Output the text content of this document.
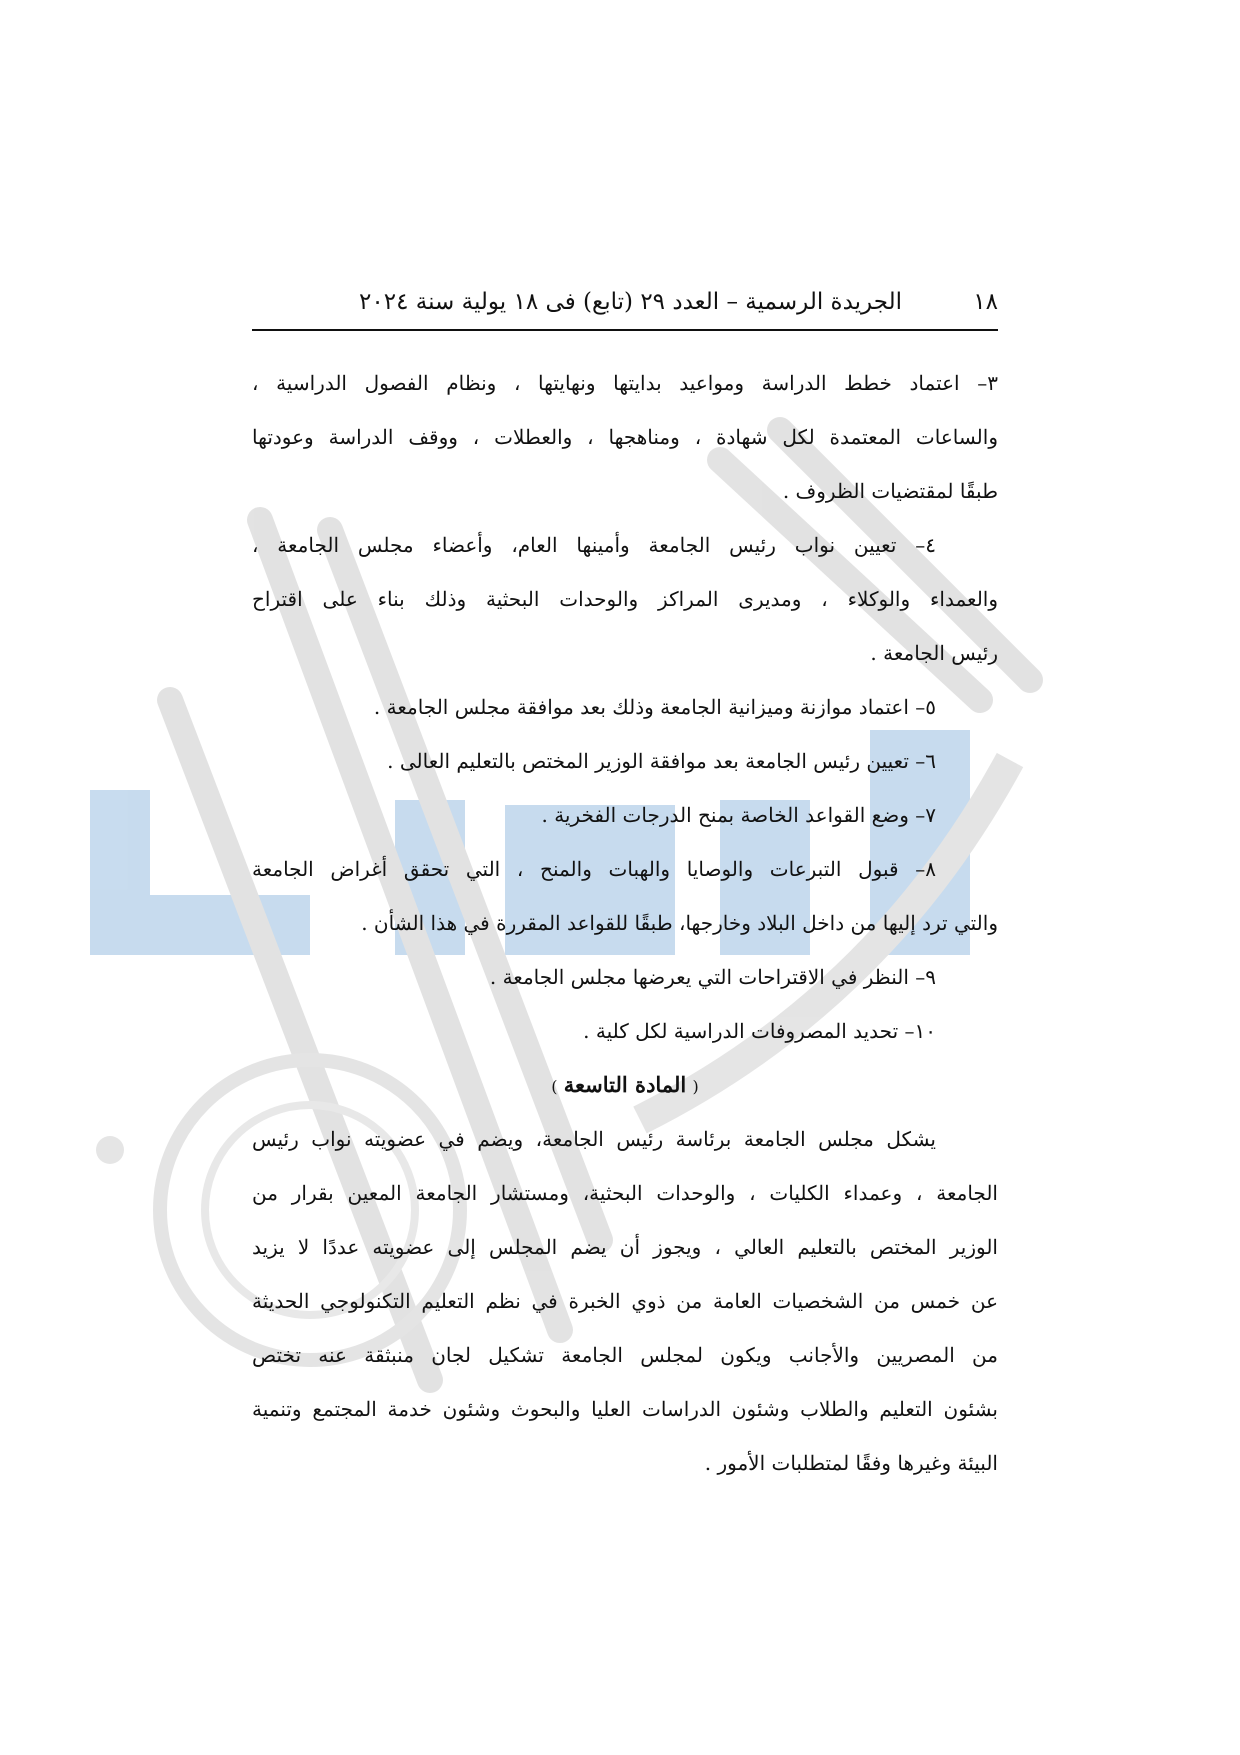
١٨
الجريدة الرسمية – العدد ٢٩ (تابع) فى ١٨ يولية سنة ٢٠٢٤
٣– اعتماد خطط الدراسة ومواعيد بدايتها ونهايتها ، ونظام الفصول الدراسية ،
والساعات المعتمدة لكل شهادة ، ومناهجها ، والعطلات ، ووقف الدراسة وعودتها
طبقًا لمقتضيات الظروف .
٤– تعيين نواب رئيس الجامعة وأمينها العام، وأعضاء مجلس الجامعة ،
والعمداء والوكلاء ، ومديرى المراكز والوحدات البحثية وذلك بناء على اقتراح
رئيس الجامعة .
٥– اعتماد موازنة وميزانية الجامعة وذلك بعد موافقة مجلس الجامعة .
٦– تعيين رئيس الجامعة بعد موافقة الوزير المختص بالتعليم العالى .
٧– وضع القواعد الخاصة بمنح الدرجات الفخرية .
٨– قبول التبرعات والوصايا والهبات والمنح ، التي تحقق أغراض الجامعة
والتي ترد إليها من داخل البلاد وخارجها، طبقًا للقواعد المقررة في هذا الشأن .
٩– النظر في الاقتراحات التي يعرضها مجلس الجامعة .
١٠– تحديد المصروفات الدراسية لكل كلية .
( المادة التاسعة )
يشكل مجلس الجامعة برئاسة رئيس الجامعة، ويضم في عضويته نواب رئيس
الجامعة ، وعمداء الكليات ، والوحدات البحثية، ومستشار الجامعة المعين بقرار من
الوزير المختص بالتعليم العالي ، ويجوز أن يضم المجلس إلى عضويته عددًا لا يزيد
عن خمس من الشخصيات العامة من ذوي الخبرة في نظم التعليم التكنولوجي الحديثة
من المصريين والأجانب ويكون لمجلس الجامعة تشكيل لجان منبثقة عنه تختص
بشئون التعليم والطلاب وشئون الدراسات العليا والبحوث وشئون خدمة المجتمع وتنمية
البيئة وغيرها وفقًا لمتطلبات الأمور .
